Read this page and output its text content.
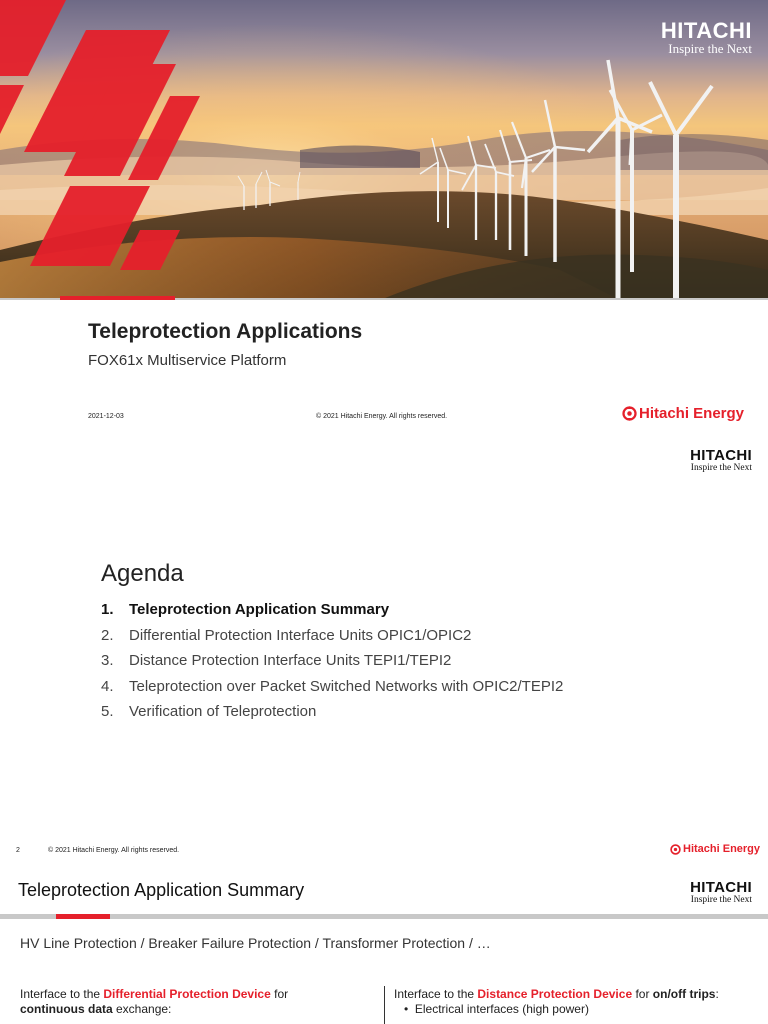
HITACHI
Inspire the Next
Teleprotection Applications
FOX61x Multiservice Platform
2021-12-03	© 2021 Hitachi Energy. All rights reserved.	Hitachi Energy
HITACHI
Inspire the Next
Agenda
1.	Teleprotection Application Summary
2.	Differential Protection Interface Units OPIC1/OPIC2
3.	Distance Protection Interface Units TEPI1/TEPI2
4.	Teleprotection over Packet Switched Networks with OPIC2/TEPI2
5.	Verification of Teleprotection
2	© 2021 Hitachi Energy. All rights reserved.	Hitachi Energy
Teleprotection Application Summary	HITACHI
Inspire the Next
HV Line Protection / Breaker Failure Protection / Transformer Protection / …
Interface to the Differential Protection Device for
continuous data exchange:
Interface to the Distance Protection Device for on/off trips:
•  Electrical interfaces (high power)
